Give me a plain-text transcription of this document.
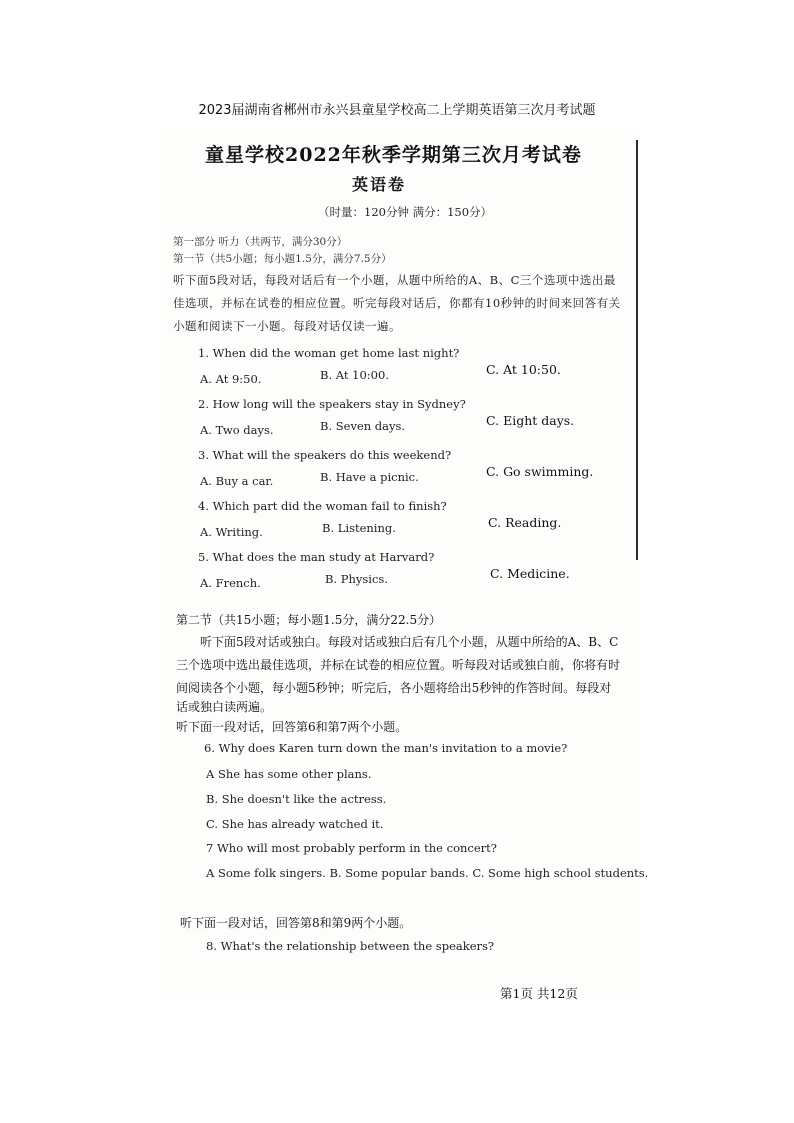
2023届湖南省郴州市永兴县童星学校高二上学期英语第三次月考试题
童星学校2022年秋季学期第三次月考试卷
英语卷
（时量：120分钟 满分：150分）
第一部分 听力（共两节，满分30分）
第一节（共5小题；每小题1.5分，满分7.5分）
听下面5段对话，每段对话后有一个小题，从题中所给的A、B、C三个选项中选出最
佳选项，并标在试卷的相应位置。听完每段对话后，你都有10秒钟的时间来回答有关
小题和阅读下一小题。每段对话仅读一遍。
1. When did the woman get home last night?
A. At 9:50.	B. At 10:00.	C. At 10:50.
2. How long will the speakers stay in Sydney?
A. Two days.	B. Seven days.	C. Eight days.
3. What will the speakers do this weekend?
A. Buy a car.	B. Have a picnic.	C. Go swimming.
4. Which part did the woman fail to finish?
A. Writing.	B. Listening.	C. Reading.
5. What does the man study at Harvard?
A. French.	B. Physics.	C. Medicine.
第二节（共15小题；每小题1.5分，满分22.5分）
听下面5段对话或独白。每段对话或独白后有几个小题，从题中所给的A、B、C
三个选项中选出最佳选项，并标在试卷的相应位置。听每段对话或独白前，你将有时
间阅读各个小题，每小题5秒钟；听完后，各小题将给出5秒钟的作答时间。每段对
话或独白读两遍。
听下面一段对话，回答第6和第7两个小题。
6. Why does Karen turn down the man's invitation to a movie?
A She has some other plans.
B. She doesn't like the actress.
C. She has already watched it.
7 Who will most probably perform in the concert?
A Some folk singers. B. Some popular bands. C. Some high school students.
听下面一段对话，回答第8和第9两个小题。
8. What's the relationship between the speakers?
第1页 共12页
